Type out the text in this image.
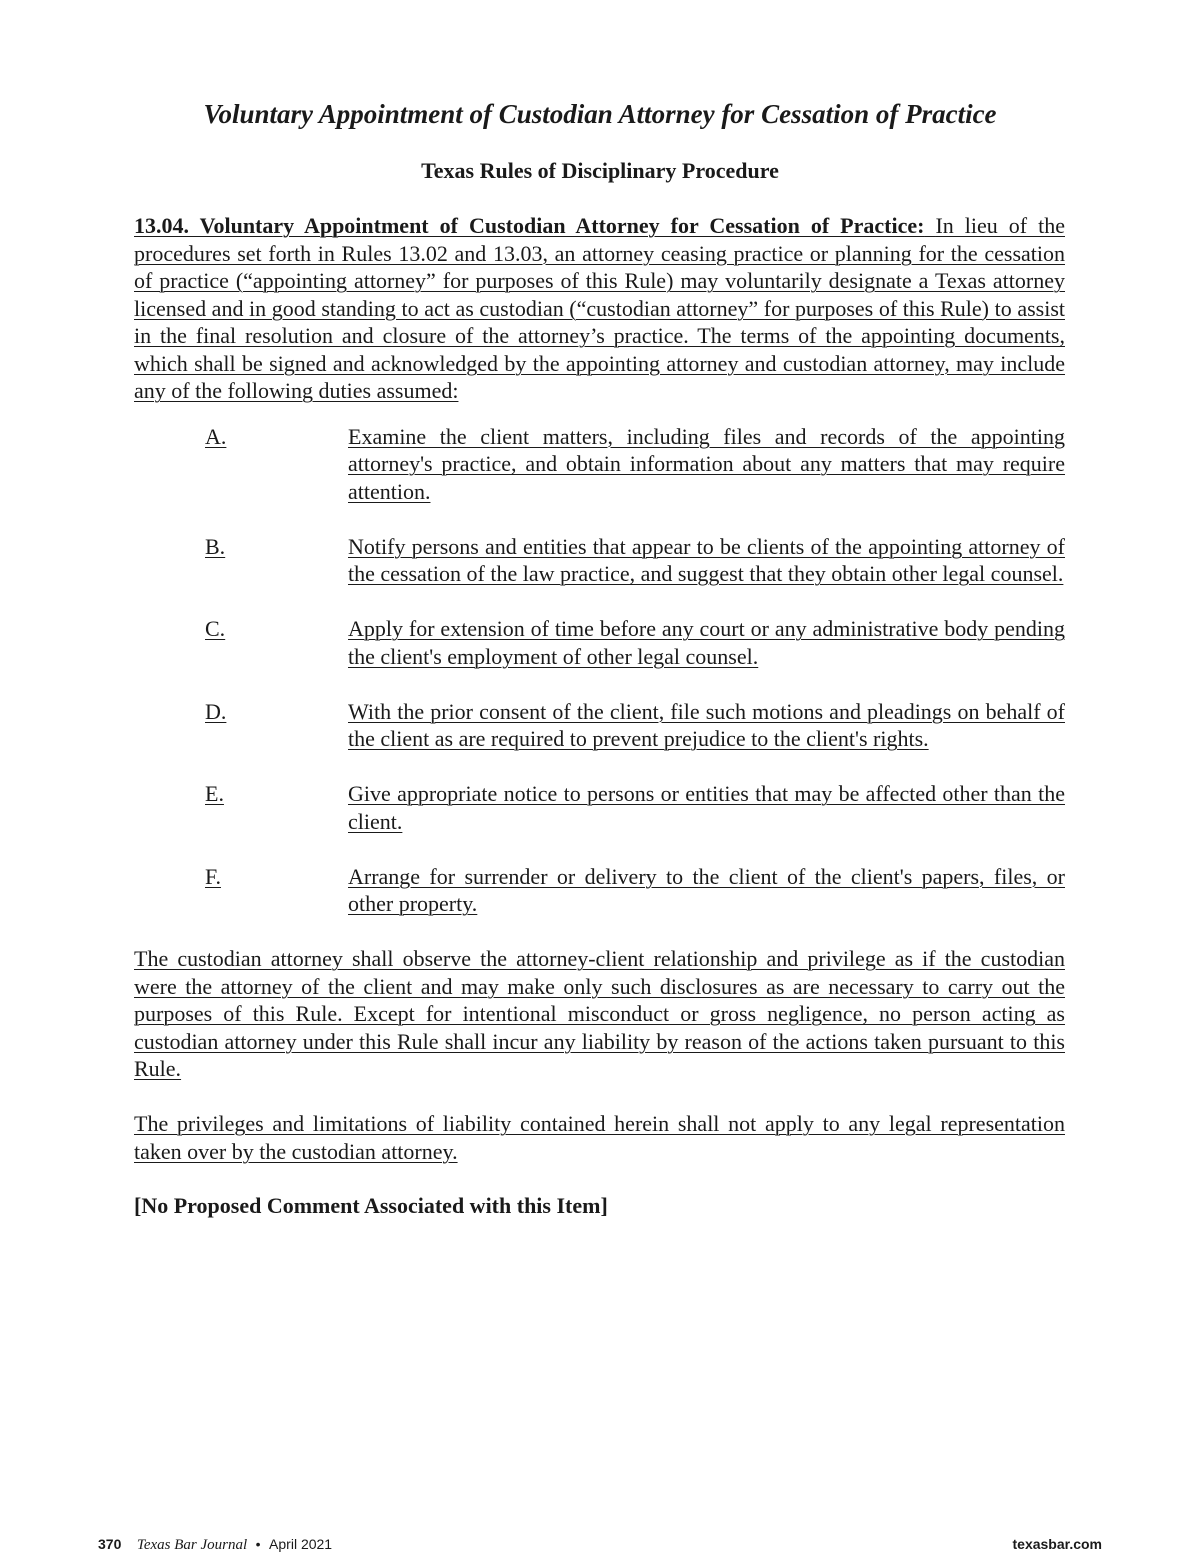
Voluntary Appointment of Custodian Attorney for Cessation of Practice
Texas Rules of Disciplinary Procedure

13.04. Voluntary Appointment of Custodian Attorney for Cessation of Practice: In lieu of the procedures set forth in Rules 13.02 and 13.03, an attorney ceasing practice or planning for the cessation of practice (“appointing attorney” for purposes of this Rule) may voluntarily designate a Texas attorney licensed and in good standing to act as custodian (“custodian attorney” for purposes of this Rule) to assist in the final resolution and closure of the attorney’s practice. The terms of the appointing documents, which shall be signed and acknowledged by the appointing attorney and custodian attorney, may include any of the following duties assumed:

A.	Examine the client matters, including files and records of the appointing attorney's practice, and obtain information about any matters that may require attention.
B.	Notify persons and entities that appear to be clients of the appointing attorney of the cessation of the law practice, and suggest that they obtain other legal counsel.
C.	Apply for extension of time before any court or any administrative body pending the client's employment of other legal counsel.
D.	With the prior consent of the client, file such motions and pleadings on behalf of the client as are required to prevent prejudice to the client's rights.
E.	Give appropriate notice to persons or entities that may be affected other than the client.
F.	Arrange for surrender or delivery to the client of the client's papers, files, or other property.

The custodian attorney shall observe the attorney-client relationship and privilege as if the custodian were the attorney of the client and may make only such disclosures as are necessary to carry out the purposes of this Rule. Except for intentional misconduct or gross negligence, no person acting as custodian attorney under this Rule shall incur any liability by reason of the actions taken pursuant to this Rule.

The privileges and limitations of liability contained herein shall not apply to any legal representation taken over by the custodian attorney.

[No Proposed Comment Associated with this Item]

370 Texas Bar Journal • April 2021	texasbar.com
